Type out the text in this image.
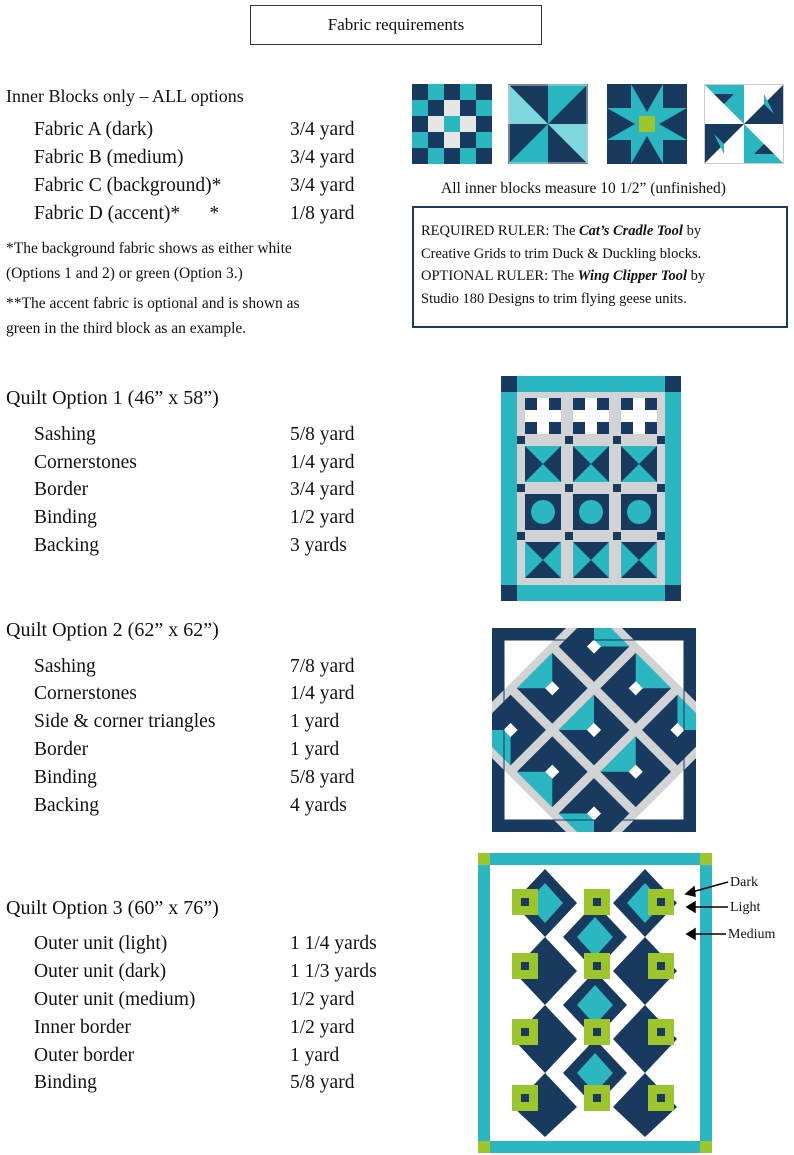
Fabric requirements
Inner Blocks only – ALL options
Fabric A (dark)	3/4 yard
Fabric B (medium)	3/4 yard
Fabric C (background)*	3/4 yard
Fabric D (accent)*      *	1/8 yard
*The background fabric shows as either white
(Options 1 and 2) or green (Option 3.)
**The accent fabric is optional and is shown as
green in the third block as an example.
All inner blocks measure 10 1/2” (unfinished)
REQUIRED RULER: The Cat’s Cradle Tool by
Creative Grids to trim Duck & Duckling blocks.
OPTIONAL RULER: The Wing Clipper Tool by
Studio 180 Designs to trim flying geese units.
Quilt Option 1 (46” x 58”)
Sashing	5/8 yard
Cornerstones	1/4 yard
Border	3/4 yard
Binding	1/2 yard
Backing	3 yards
Quilt Option 2 (62” x 62”)
Sashing	7/8 yard
Cornerstones	1/4 yard
Side & corner triangles	1 yard
Border	1 yard
Binding	5/8 yard
Backing	4 yards
Quilt Option 3 (60” x 76”)
Outer unit (light)	1 1/4 yards
Outer unit (dark)	1 1/3 yards
Outer unit (medium)	1/2 yard
Inner border	1/2 yard
Outer border	1 yard
Binding	5/8 yard
Dark
Light
Medium
